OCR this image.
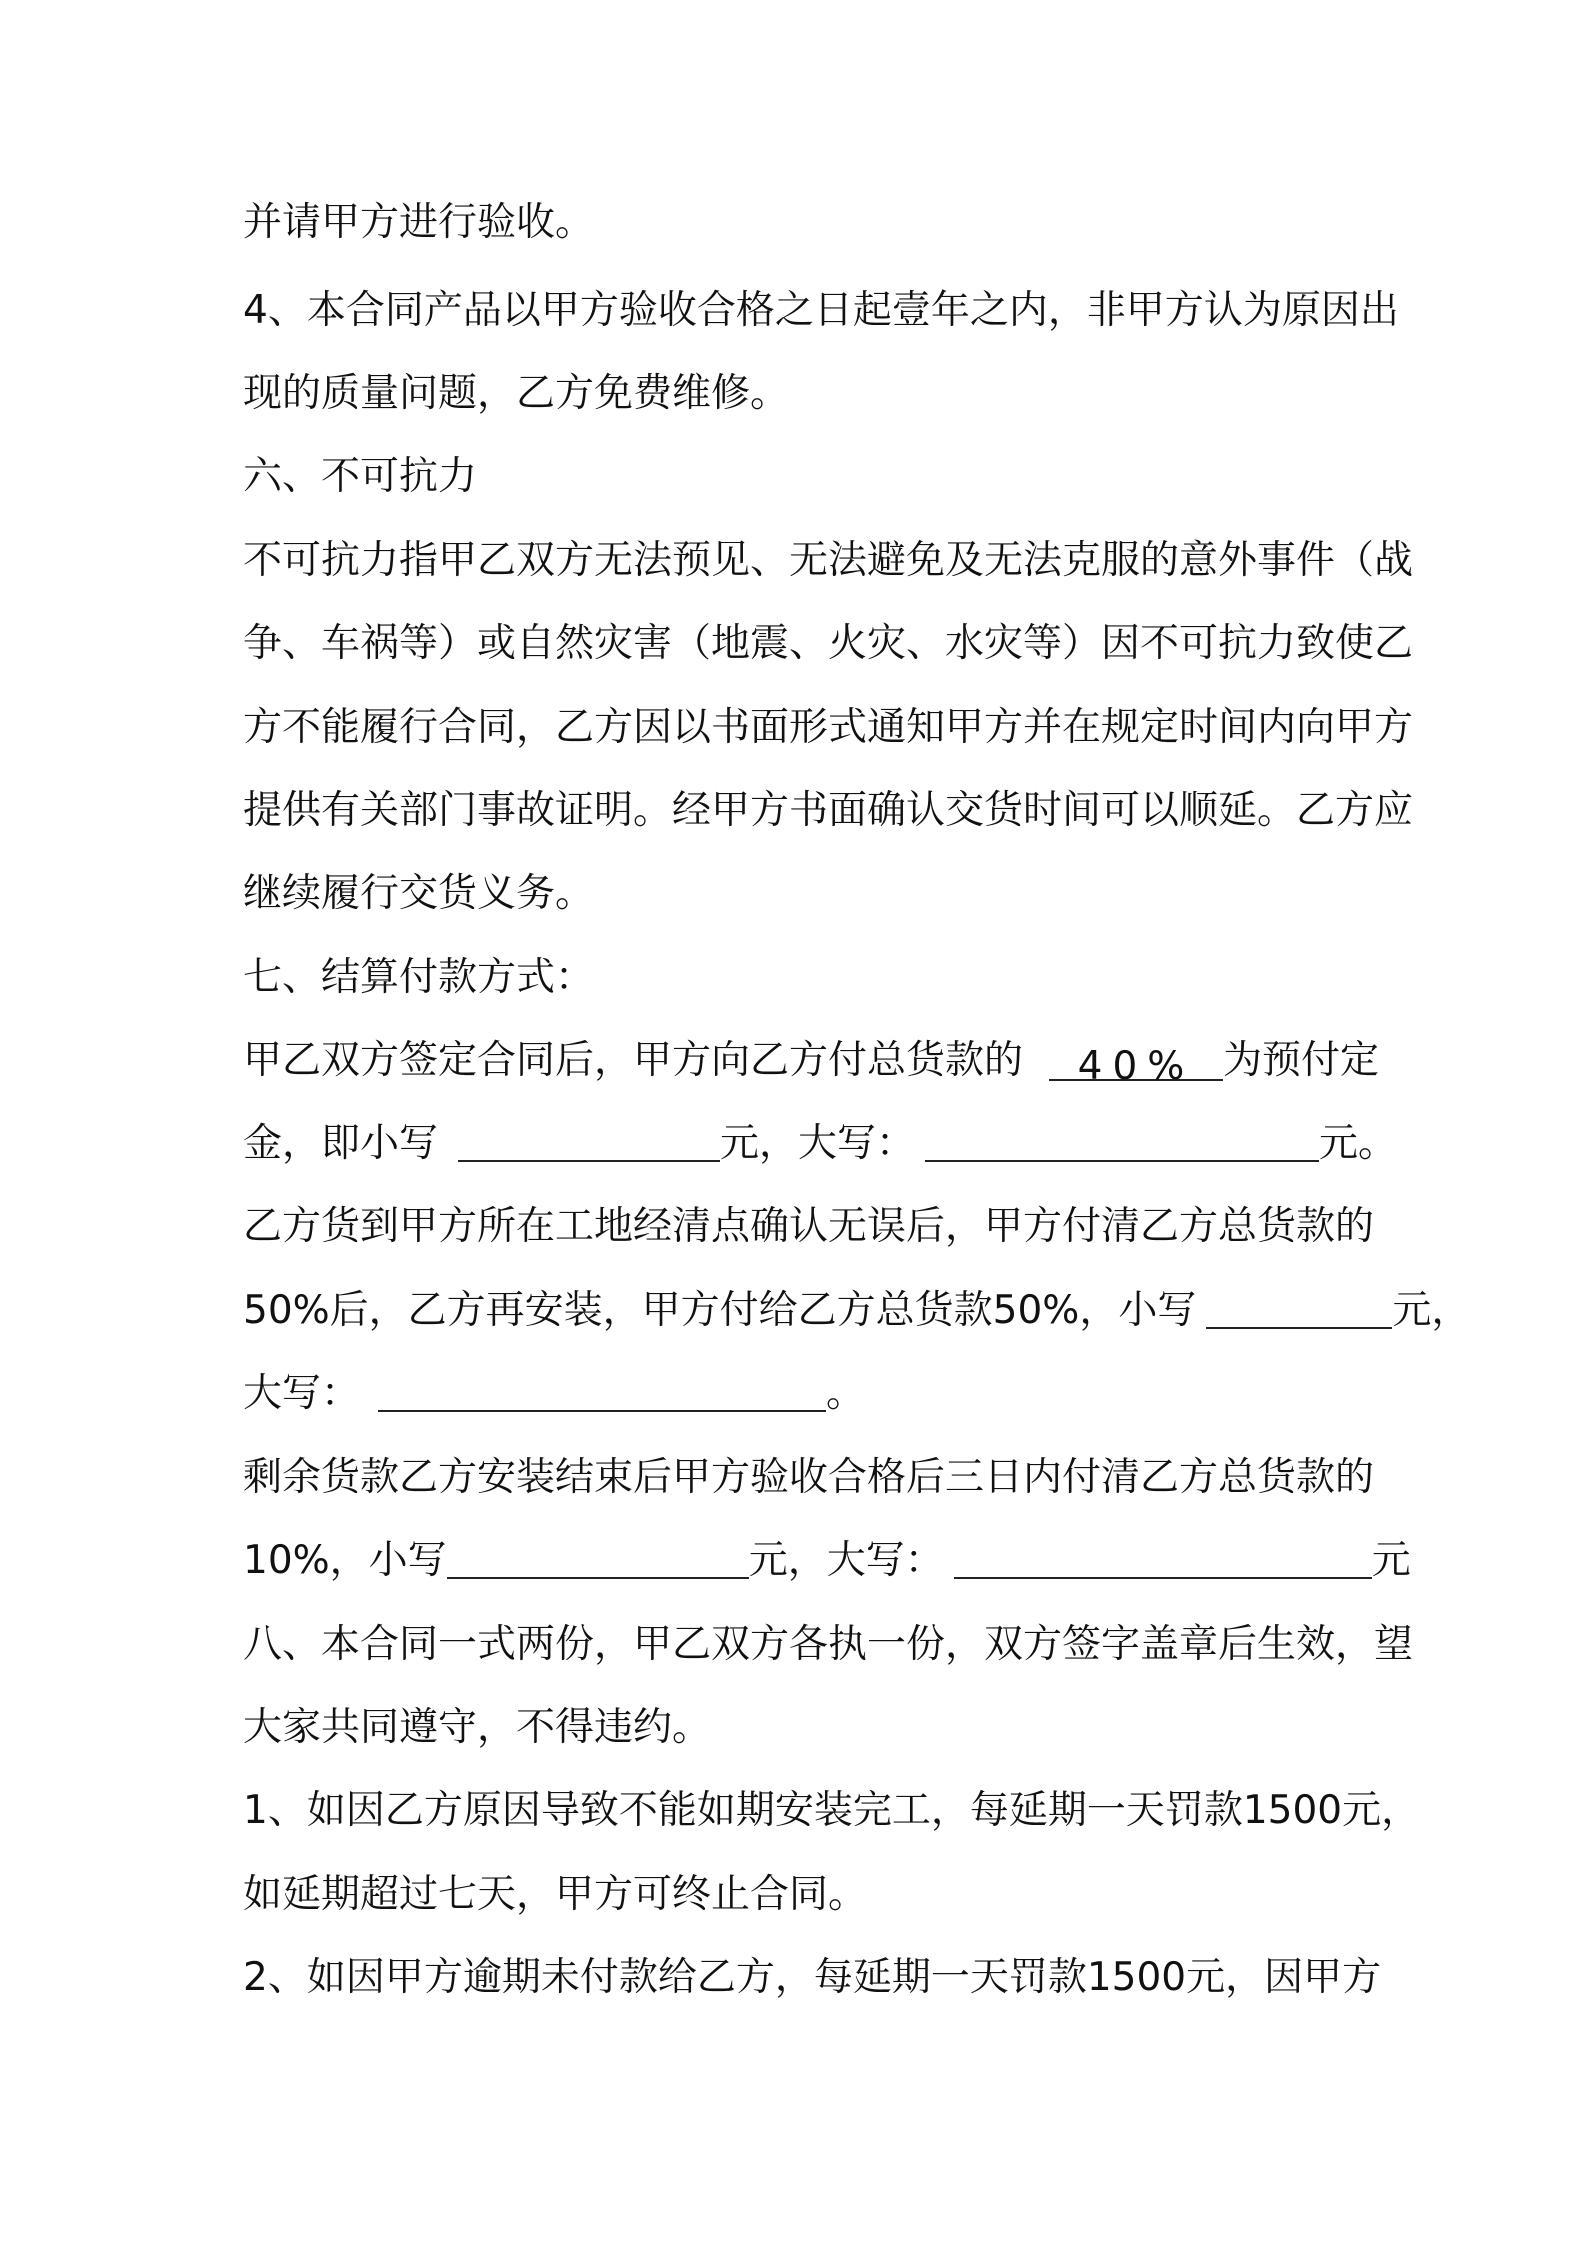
并请甲方进行验收。
4、本合同产品以甲方验收合格之日起壹年之内，非甲方认为原因出
现的质量问题，乙方免费维修。
六、不可抗力
不可抗力指甲乙双方无法预见、无法避免及无法克服的意外事件（战
争、车祸等）或自然灾害（地震、火灾、水灾等）因不可抗力致使乙
方不能履行合同，乙方因以书面形式通知甲方并在规定时间内向甲方
提供有关部门事故证明。经甲方书面确认交货时间可以顺延。乙方应
继续履行交货义务。
七、结算付款方式：
甲乙双方签定合同后，甲方向乙方付总货款的 40% 为预付定
金，即小写	元，大写：	元。
乙方货到甲方所在工地经清点确认无误后，甲方付清乙方总货款的
50%后，乙方再安装，甲方付给乙方总货款50%，小写	元，
大写：	。
剩余货款乙方安装结束后甲方验收合格后三日内付清乙方总货款的
10%，小写	元，大写：	元
八、本合同一式两份，甲乙双方各执一份，双方签字盖章后生效，望
大家共同遵守，不得违约。
1、如因乙方原因导致不能如期安装完工，每延期一天罚款1500元，
如延期超过七天，甲方可终止合同。
2、如因甲方逾期未付款给乙方，每延期一天罚款1500元，因甲方
